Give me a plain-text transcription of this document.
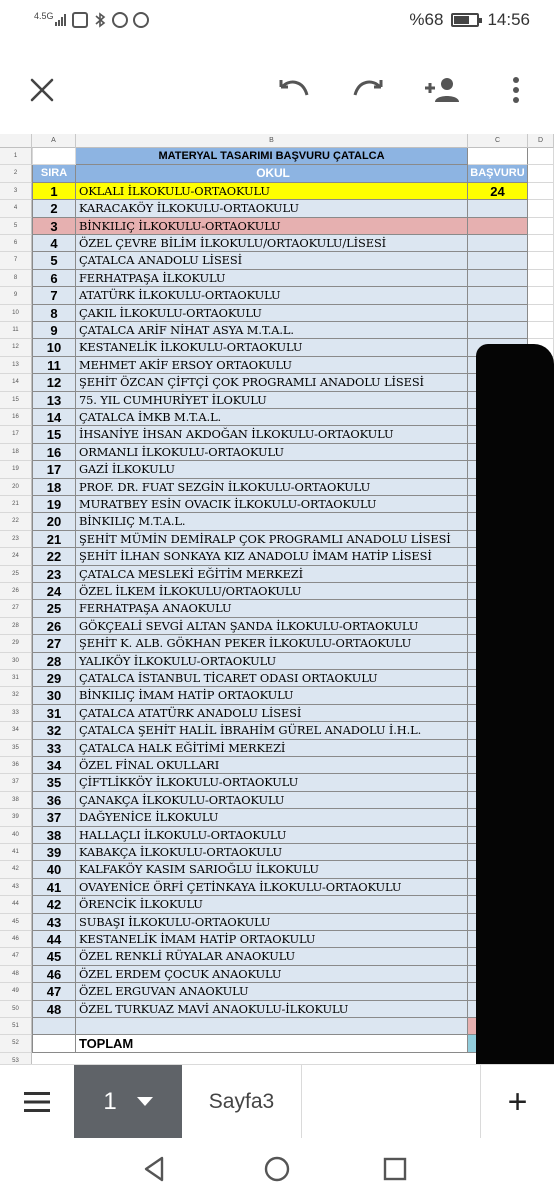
4.5G	%68	14:56
A	B	C	D
1
2
3
4
5
6
7
8
9
10
11
12
13
14
15
16
17
18
19
20
21
22
23
24
25
26
27
28
29
30
31
32
33
34
35
36
37
38
39
40
41
42
43
44
45
46
47
48
49
50
51
52
53
MATERYAL TASARIMI BAŞVURU ÇATALCA
SIRA	OKUL	BAŞVURU
1	OKLALI İLKOKULU-ORTAOKULU	24
2	KARACAKÖY İLKOKULU-ORTAOKULU
3	BİNKILIÇ İLKOKULU-ORTAOKULU
4	ÖZEL ÇEVRE BİLİM İLKOKULU/ORTAOKULU/LİSESİ
5	ÇATALCA ANADOLU LİSESİ
6	FERHATPAŞA İLKOKULU
7	ATATÜRK İLKOKULU-ORTAOKULU
8	ÇAKIL İLKOKULU-ORTAOKULU
9	ÇATALCA ARİF NİHAT ASYA M.T.A.L.
10	KESTANELİK İLKOKULU-ORTAOKULU
11	MEHMET AKİF ERSOY ORTAOKULU
12	ŞEHİT ÖZCAN ÇİFTÇİ ÇOK PROGRAMLI ANADOLU LİSESİ
13	75. YIL CUMHURİYET İLOKULU
14	ÇATALCA İMKB M.T.A.L.
15	İHSANİYE İHSAN AKDOĞAN İLKOKULU-ORTAOKULU
16	ORMANLI İLKOKULU-ORTAOKULU
17	GAZİ İLKOKULU
18	PROF. DR. FUAT SEZGİN İLKOKULU-ORTAOKULU
19	MURATBEY ESİN OVACIK İLKOKULU-ORTAOKULU
20	BİNKILIÇ M.T.A.L.
21	ŞEHİT MÜMİN DEMİRALP ÇOK PROGRAMLI ANADOLU LİSESİ
22	ŞEHİT İLHAN SONKAYA KIZ ANADOLU İMAM HATİP LİSESİ
23	ÇATALCA MESLEKİ EĞİTİM MERKEZİ
24	ÖZEL İLKEM İLKOKULU/ORTAOKULU
25	FERHATPAŞA ANAOKULU
26	GÖKÇEALİ SEVGİ ALTAN ŞANDA İLKOKULU-ORTAOKULU
27	ŞEHİT K. ALB. GÖKHAN PEKER İLKOKULU-ORTAOKULU
28	YALIKÖY İLKOKULU-ORTAOKULU
29	ÇATALCA İSTANBUL TİCARET ODASI ORTAOKULU
30	BİNKILIÇ İMAM HATİP ORTAOKULU
31	ÇATALCA ATATÜRK ANADOLU LİSESİ
32	ÇATALCA ŞEHİT HALİL İBRAHİM GÜREL ANADOLU İ.H.L.
33	ÇATALCA HALK EĞİTİMİ MERKEZİ
34	ÖZEL FİNAL OKULLARI
35	ÇİFTLİKKÖY İLKOKULU-ORTAOKULU
36	ÇANAKÇA İLKOKULU-ORTAOKULU
37	DAĞYENİCE İLKOKULU
38	HALLAÇLI İLKOKULU-ORTAOKULU
39	KABAKÇA İLKOKULU-ORTAOKULU
40	KALFAKÖY KASIM SARIOĞLU İLKOKULU
41	OVAYENİCE ÖRFİ ÇETİNKAYA İLKOKULU-ORTAOKULU
42	ÖRENCİK İLKOKULU
43	SUBAŞI İLKOKULU-ORTAOKULU
44	KESTANELİK İMAM HATİP ORTAOKULU
45	ÖZEL RENKLİ RÜYALAR ANAOKULU
46	ÖZEL ERDEM ÇOCUK ANAOKULU
47	ÖZEL ERGUVAN ANAOKULU
48	ÖZEL TURKUAZ MAVİ ANAOKULU-İLKOKULU
TOPLAM
1	Sayfa3	+
